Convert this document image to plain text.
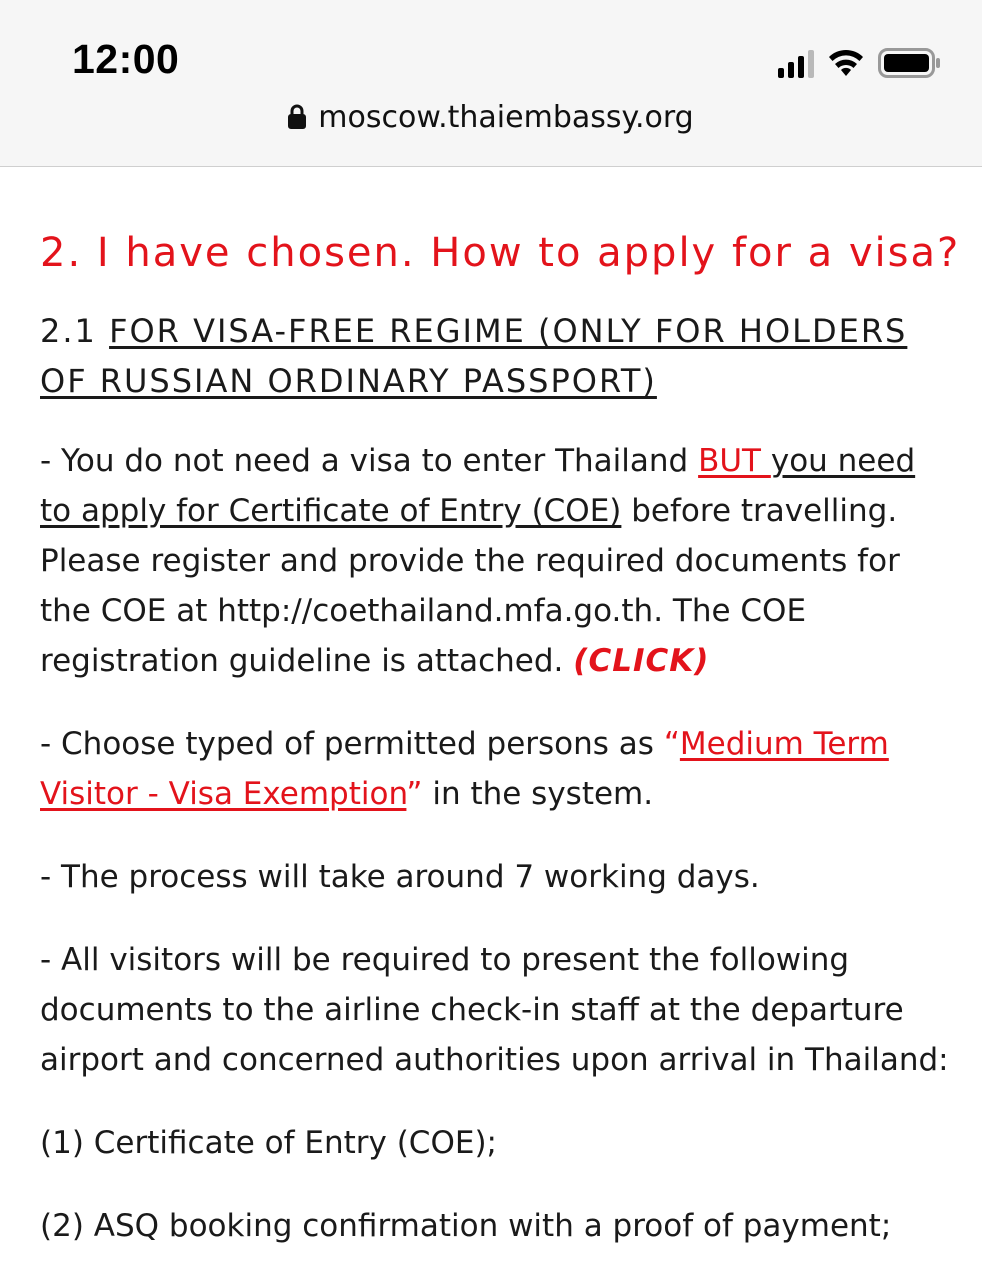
12:00
moscow.thaiembassy.org
2. I have chosen. How to apply for a visa?
2.1 FOR VISA-FREE REGIME (ONLY FOR HOLDERS OF RUSSIAN ORDINARY PASSPORT)

- You do not need a visa to enter Thailand BUT you need to apply for Certificate of Entry (COE) before travelling. Please register and provide the required documents for the COE at http://coethailand.mfa.go.th. The COE registration guideline is attached. (CLICK)

- Choose typed of permitted persons as “Medium Term Visitor - Visa Exemption” in the system.

- The process will take around 7 working days.

- All visitors will be required to present the following documents to the airline check-in staff at the departure airport and concerned authorities upon arrival in Thailand:

(1) Certificate of Entry (COE);

(2) ASQ booking confirmation with a proof of payment;
